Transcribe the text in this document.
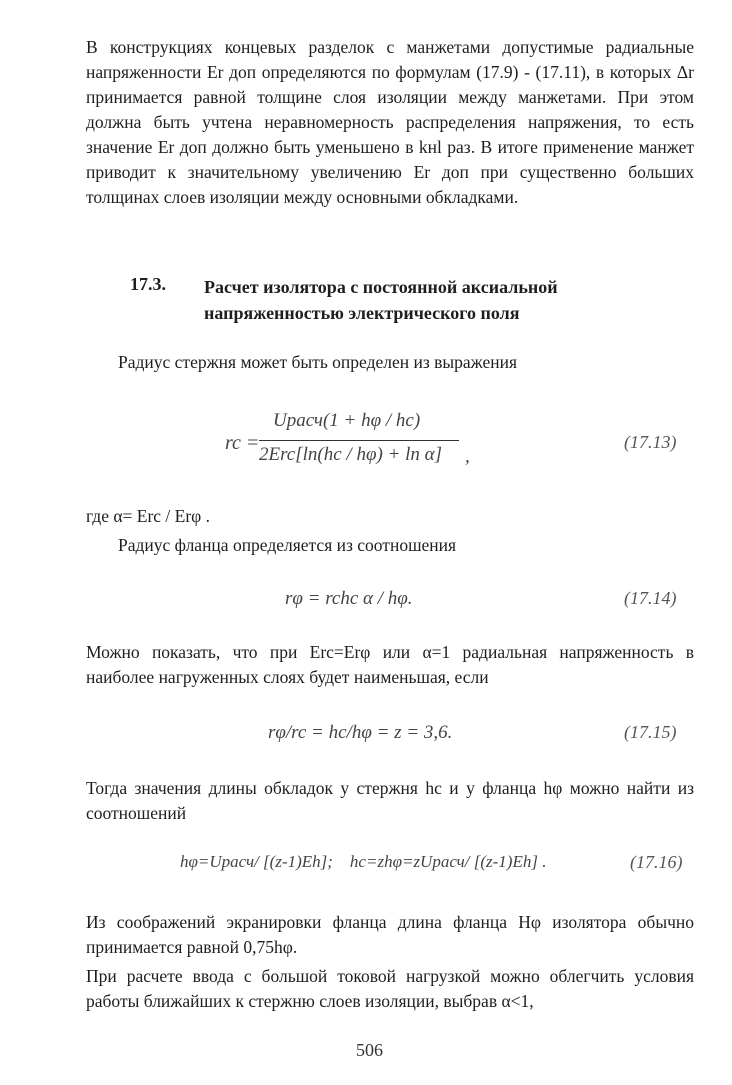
В конструкциях концевых разделок с манжетами допустимые радиальные напряженности Er доп определяются по формулам (17.9) - (17.11), в которых Δr принимается равной толщине слоя изоляции между манжетами. При этом должна быть учтена неравномерность распределения напряжения, то есть значение Er доп должно быть уменьшено в kнl раз. В итоге применение манжет приводит к значительному увеличению Er доп при существенно больших толщинах слоев изоляции между основными обкладками.

17.3. Расчет изолятора с постоянной аксиальной напряженностью электрического поля

Радиус стержня может быть определен из выражения

rc =
Uрасч(1 + hφ / hc)
2Erc[ln(hc / hφ) + ln α] ,
(17.13)

где α= Erc / Erφ .

Радиус фланца определяется из соотношения

rφ = rchc α / hφ.	(17.14)

Можно показать, что при Erc=Erφ или α=1 радиальная напряженность в наиболее нагруженных слоях будет наименьшая, если

rφ/rc = hc/hφ = z = 3,6.	(17.15)

Тогда значения длины обкладок у стержня hc и у фланца hφ можно найти из соотношений

hφ=Uрасч/ [(z-1)Eh];    hc=zhφ=zUрасч/ [(z-1)Eh] .	(17.16)

Из соображений экранировки фланца длина фланца Hφ изолятора обычно принимается равной 0,75hφ.

При расчете ввода с большой токовой нагрузкой можно облегчить условия работы ближайших к стержню слоев изоляции, выбрав α<1,

506
